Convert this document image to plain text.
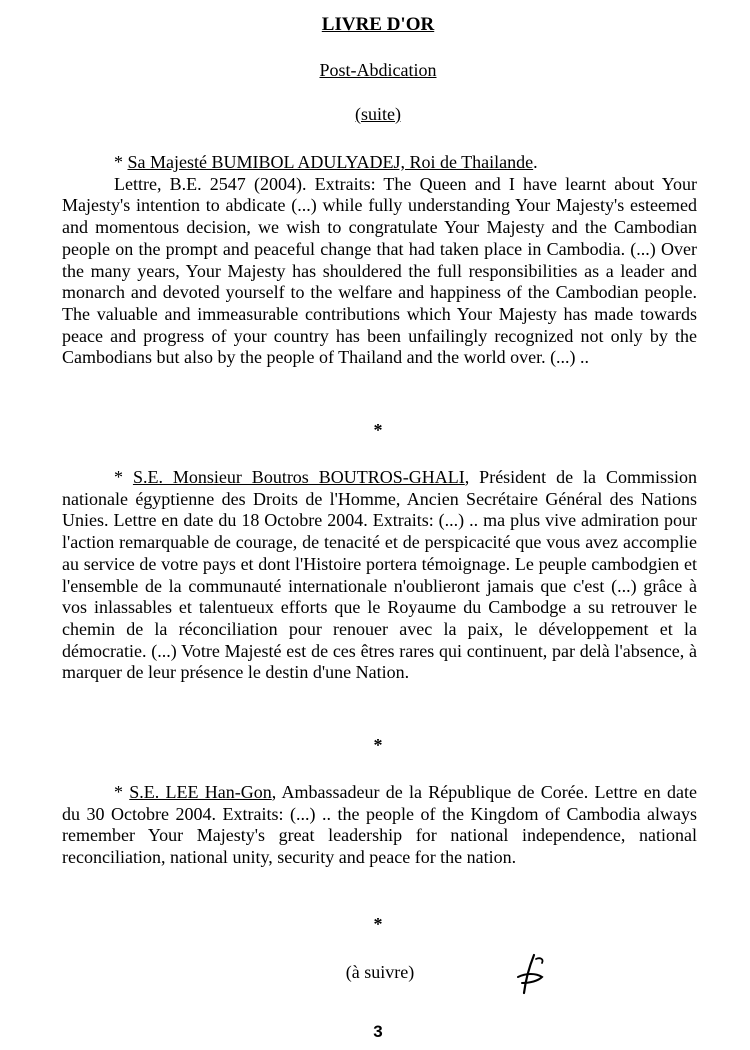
LIVRE D'OR
Post-Abdication
(suite)

* Sa Majesté BUMIBOL ADULYADEJ, Roi de Thailande.

Lettre, B.E. 2547 (2004). Extraits: The Queen and I have learnt about Your Majesty's intention to abdicate (...) while fully understanding Your Majesty's esteemed and momentous decision, we wish to congratulate Your Majesty and the Cambodian people on the prompt and peaceful change that had taken place in Cambodia. (...) Over the many years, Your Majesty has shouldered the full responsibilities as a leader and monarch and devoted yourself to the welfare and happiness of the Cambodian people. The valuable and immeasurable contributions which Your Majesty has made towards peace and progress of your country has been unfailingly recognized not only by the Cambodians but also by the people of Thailand and the world over. (...) ..

*

* S.E. Monsieur Boutros BOUTROS-GHALI, Président de la Commission nationale égyptienne des Droits de l'Homme, Ancien Secrétaire Général des Nations Unies. Lettre en date du 18 Octobre 2004. Extraits: (...) .. ma plus vive admiration pour l'action remarquable de courage, de tenacité et de perspicacité que vous avez accomplie au service de votre pays et dont l'Histoire portera témoignage. Le peuple cambodgien et l'ensemble de la communauté internationale n'oublieront jamais que c'est (...) grâce à vos inlassables et talentueux efforts que le Royaume du Cambodge a su retrouver le chemin de la réconciliation pour renouer avec la paix, le développement et la démocratie. (...) Votre Majesté est de ces êtres rares qui continuent, par delà l'absence, à marquer de leur présence le destin d'une Nation.

*

* S.E. LEE Han-Gon, Ambassadeur de la République de Corée. Lettre en date du 30 Octobre 2004. Extraits: (...) .. the people of the Kingdom of Cambodia always remember Your Majesty's great leadership for national independence, national reconciliation, national unity, security and peace for the nation.

*
(à suivre)
3
